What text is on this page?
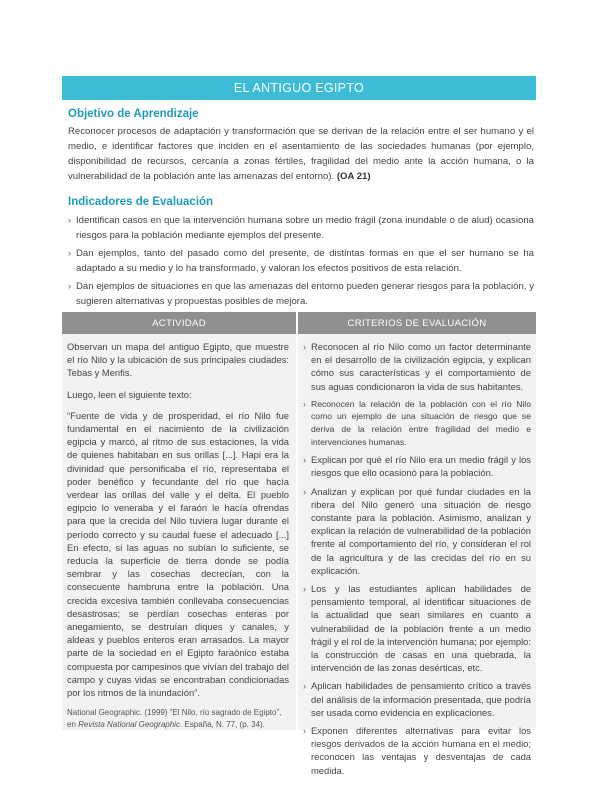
EL ANTIGUO EGIPTO
Objetivo de Aprendizaje
Reconocer procesos de adaptación y transformación que se derivan de la relación entre el ser humano y el medio, e identificar factores que inciden en el asentamiento de las sociedades humanas (por ejemplo, disponibilidad de recursos, cercanía a zonas fértiles, fragilidad del medio ante la acción humana, o la vulnerabilidad de la población ante las amenazas del entorno). (OA 21)
Indicadores de Evaluación
› Identifican casos en que la intervención humana sobre un medio frágil (zona inundable o de alud) ocasiona riesgos para la población mediante ejemplos del presente.
› Dan ejemplos, tanto del pasado como del presente, de distintas formas en que el ser humano se ha adaptado a su medio y lo ha transformado, y valoran los efectos positivos de esta relación.
› Dan ejemplos de situaciones en que las amenazas del entorno pueden generar riesgos para la población, y sugieren alternativas y propuestas posibles de mejora.
ACTIVIDAD	CRITERIOS DE EVALUACIÓN

Observan un mapa del antiguo Egipto, que muestre el río Nilo y la ubicación de sus principales ciudades: Tebas y Menfis.

Luego, leen el siguiente texto:

“Fuente de vida y de prosperidad, el río Nilo fue fundamental en el nacimiento de la civilización egipcia y marcó, al ritmo de sus estaciones, la vida de quienes habitaban en sus orillas [...]. Hapi era la divinidad que personificaba el río, representaba el poder benéfico y fecundante del río que hacía verdear las orillas del valle y el delta. El pueblo egipcio lo veneraba y el faraón le hacía ofrendas para que la crecida del Nilo tuviera lugar durante el período correcto y su caudal fuese el adecuado [...] En efecto, si las aguas no subían lo suficiente, se reducía la superficie de tierra donde se podía sembrar y las cosechas decrecían, con la consecuente hambruna entre la población. Una crecida excesiva también conllevaba consecuencias desastrosas; se perdían cosechas enteras por anegamiento, se destruían diques y canales, y aldeas y pueblos enteros eran arrasados. La mayor parte de la sociedad en el Egipto faraónico estaba compuesta por campesinos que vivían del trabajo del campo y cuyas vidas se encontraban condicionadas por los ritmos de la inundación”.

National Geographic. (1999) “El Nilo, río sagrado de Egipto”,
en Revista National Geographic. España, N. 77, (p. 34).

› Reconocen al río Nilo como un factor determinante en el desarrollo de la civilización egipcia, y explican cómo sus características y el comportamiento de sus aguas condicionaron la vida de sus habitantes.
› Reconocen la relación de la población con el río Nilo como un ejemplo de una situación de riesgo que se deriva de la relación entre fragilidad del medio e intervenciones humanas.
› Explican por qué el río Nilo era un medio frágil y los riesgos que ello ocasionó para la población.
› Analizan y explican por qué fundar ciudades en la ribera del Nilo generó una situación de riesgo constante para la población. Asimismo, analizan y explican la relación de vulnerabilidad de la población frente al comportamiento del río, y consideran el rol de la agricultura y de las crecidas del río en su explicación.
› Los y las estudiantes aplican habilidades de pensamiento temporal, al identificar situaciones de la actualidad que sean similares en cuanto a vulnerabilidad de la población frente a un medio frágil y el rol de la intervención humana; por ejemplo: la construcción de casas en una quebrada, la intervención de las zonas desérticas, etc.
› Aplican habilidades de pensamiento crítico a través del análisis de la información presentada, que podría ser usada como evidencia en explicaciones.
› Exponen diferentes alternativas para evitar los riesgos derivados de la acción humana en el medio; reconocen las ventajas y desventajas de cada medida.
